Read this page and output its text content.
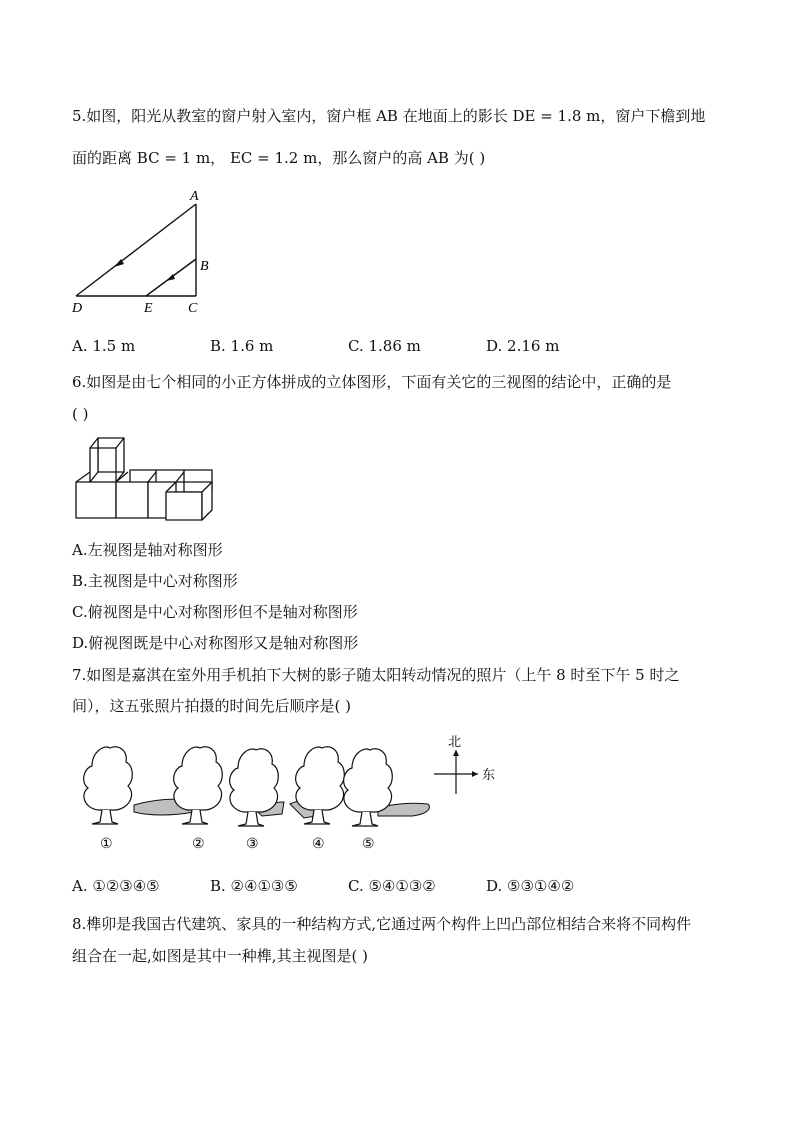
5.如图，阳光从教室的窗户射入室内，窗户框 AB 在地面上的影长 DE = 1.8 m，窗户下檐到地
面的距离 BC = 1 m， EC = 1.2 m，那么窗户的高 AB 为( )
A
B
C
D	E
A. 1.5 m	B. 1.6 m	C. 1.86 m	D. 2.16 m
6.如图是由七个相同的小正方体拼成的立体图形，下面有关它的三视图的结论中，正确的是
( )
A.左视图是轴对称图形
B.主视图是中心对称图形
C.俯视图是中心对称图形但不是轴对称图形
D.俯视图既是中心对称图形又是轴对称图形
7.如图是嘉淇在室外用手机拍下大树的影子随太阳转动情况的照片（上午 8 时至下午 5 时之
间），这五张照片拍摄的时间先后顺序是( )
①	②	③	④	⑤
北
东
A. ①②③④⑤	B. ②④①③⑤	C. ⑤④①③②	D. ⑤③①④②
8.榫卯是我国古代建筑、家具的一种结构方式,它通过两个构件上凹凸部位相结合来将不同构件
组合在一起,如图是其中一种榫,其主视图是( )
